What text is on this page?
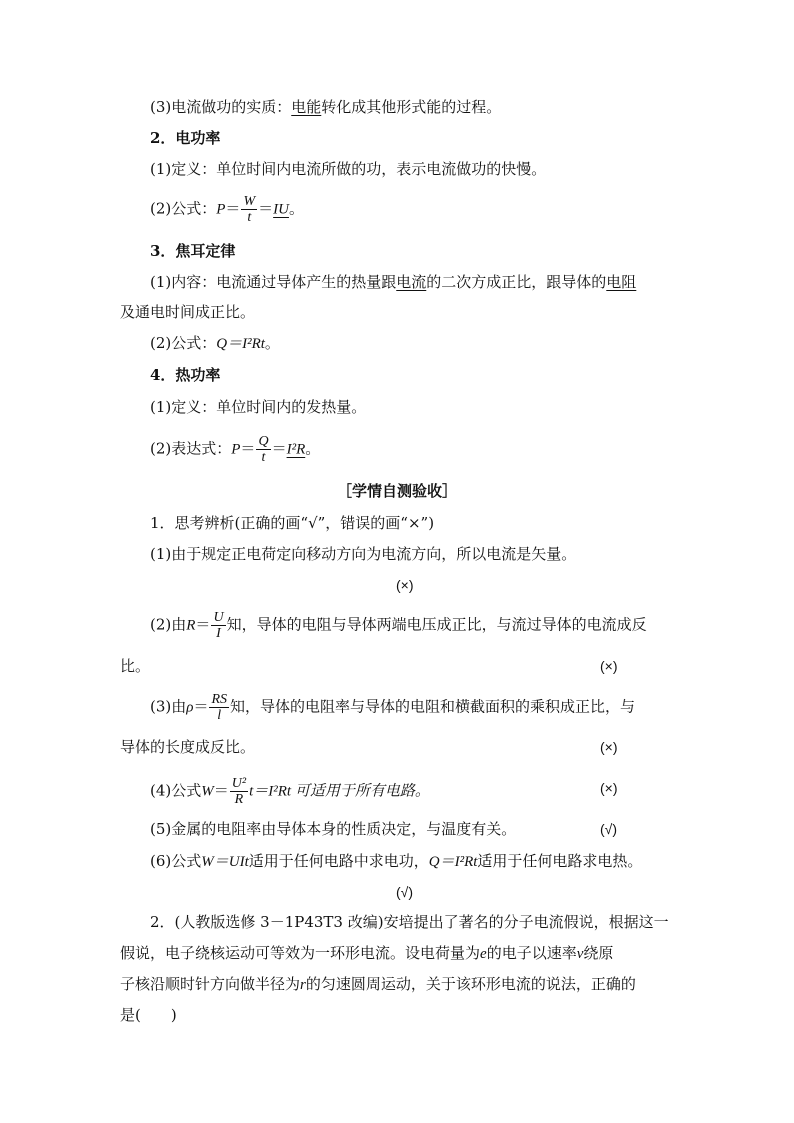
(3)电流做功的实质：电能转化成其他形式能的过程。
2．电功率
(1)定义：单位时间内电流所做的功，表示电流做功的快慢。
(2)公式：$P= \frac{W}{t} =IU$。
3．焦耳定律
(1)内容：电流通过导体产生的热量跟电流的二次方成正比，跟导体的电阻
及通电时间成正比。
(2)公式：Q＝I²Rt。
4．热功率
(1)定义：单位时间内的发热量。
(2)表达式：$P= \frac{Q}{t} =I^2R$。
［学情自测验收］
1．思考辨析(正确的画“√”，错误的画“×”)
(1)由于规定正电荷定向移动方向为电流方向，所以电流是矢量。
(×)
(2)由$R= \frac{U}{I}$ 知，导体的电阻与导体两端电压成正比，与流过导体的电流成反
比。	(×)
(3)由$\rho= \frac{RS}{l}$ 知，导体的电阻率与导体的电阻和横截面积的乘积成正比，与
导体的长度成反比。	(×)
(4)公式$W= \frac{\text{U²}}{R} t=I^2Rt$ 可适用于所有电路。	(×)
(5)金属的电阻率由导体本身的性质决定，与温度有关。	(√)
(6)公式W＝UIt适用于任何电路中求电功，Q＝I²Rt适用于任何电路求电热。
(√)
2．(人教版选修 3－1P43T3 改编)安培提出了著名的分子电流假说，根据这一
假说，电子绕核运动可等效为一环形电流。设电荷量为e的电子以速率v绕原
子核沿顺时针方向做半径为r的匀速圆周运动，关于该环形电流的说法，正确的
是(　　)
